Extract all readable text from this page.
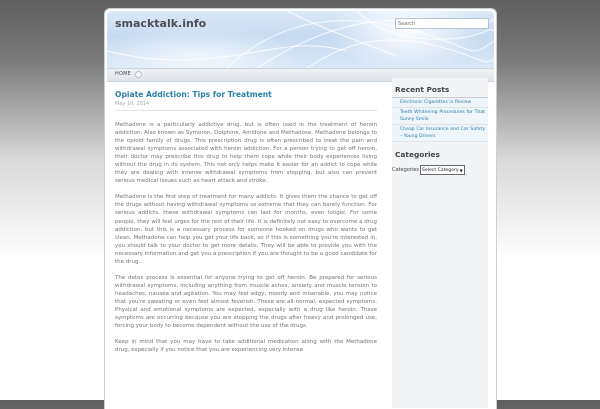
smacktalk.info
Search
HOME
Opiate Addiction: Tips for Treatment
May 10, 2014

Methadone is a particularly addictive drug, but is often used in the treatment of heroin addiction. Also known as Symoron, Dolphine, Amidone and Methadose, Methadone belongs to the opioid family of drugs. This prescription drug is often prescribed to treat the pain and withdrawal symptoms associated with heroin addiction. For a person trying to get off heroin, their doctor may prescribe this drug to help them cope while their body experiences living without the drug in its system. This not only helps make it easier for an addict to cope while they are dealing with intense withdrawal symptoms from stopping, but also can prevent serious medical issues such as heart attack and stroke.

Methadone is the first step of treatment for many addicts. It gives them the chance to get off the drugs without having withdrawal symptoms so extreme that they can barely function. For serious addicts, these withdrawal symptoms can last for months, even longer. For some people, they will feel urges for the rest of their life. It is definitely not easy to overcome a drug addiction, but this is a necessary process for someone hooked on drugs who wants to get clean. Methadone can help you get your life back, so if this is something you're interested in, you should talk to your doctor to get more details. They will be able to provide you with the necessary information and get you a prescription if you are thought to be a good candidate for the drug.

The detox process is essential for anyone trying to get off heroin. Be prepared for serious withdrawal symptoms, including anything from muscle aches, anxiety and muscle tension to headaches, nausea and agitation. You may feel edgy, moody and miserable, you may notice that you're sweating or even feel almost feverish. These are all normal, expected symptoms. Physical and emotional symptoms are expected, especially with a drug like heroin. These symptoms are occurring because you are stopping the drugs after heavy and prolonged use, forcing your body to become dependent without the use of the drugs.

Keep in mind that you may have to take additional medication along with the Methadone drug, especially if you notice that you are experiencing very intense

Recent Posts
Electronic Cigarettes in Review
Teeth Whitening Procedures for That Sunny Smile
Cheap Car Insurance and Car Safety – Young Drivers
Categories
Categories Select Category ▼
